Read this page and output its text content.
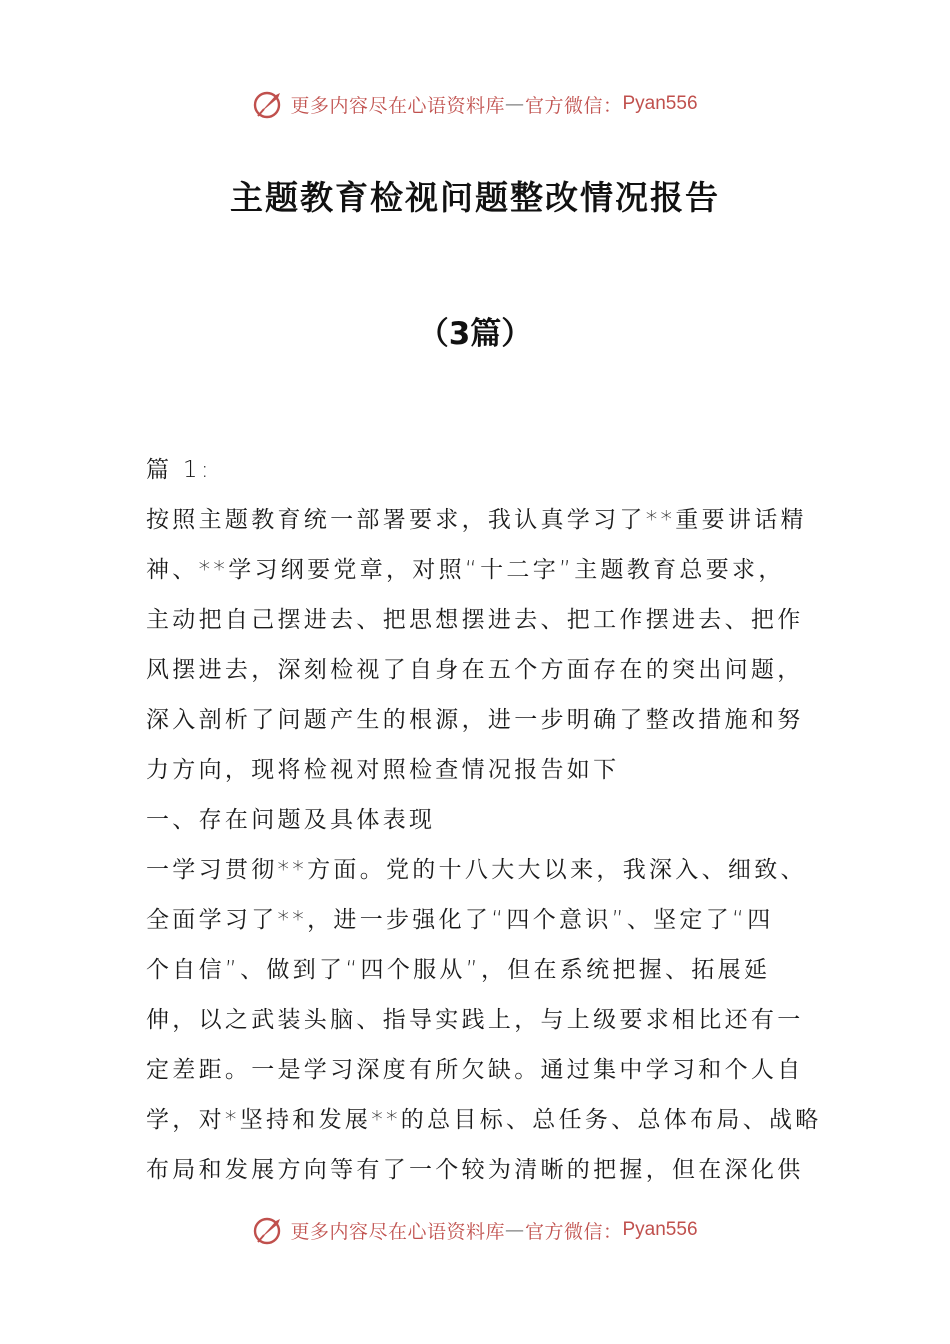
更多内容尽在心语资料库 — 官方微信： Pyan556
主题教育检视问题整改情况报告
（3篇）

篇 1:

按照主题教育统一部署要求，我认真学习了**重要讲话精

神、**学习纲要党章，对照“十二字”主题教育总要求，

主动把自己摆进去、把思想摆进去、把工作摆进去、把作

风摆进去，深刻检视了自身在五个方面存在的突出问题，

深入剖析了问题产生的根源，进一步明确了整改措施和努

力方向，现将检视对照检查情况报告如下

一、存在问题及具体表现

一学习贯彻**方面。党的十八大大以来，我深入、细致、

全面学习了**，进一步强化了“四个意识”、坚定了“四

个自信”、做到了“四个服从”，但在系统把握、拓展延

伸，以之武装头脑、指导实践上，与上级要求相比还有一

定差距。一是学习深度有所欠缺。通过集中学习和个人自

学，对*坚持和发展**的总目标、总任务、总体布局、战略

布局和发展方向等有了一个较为清晰的把握，但在深化供

更多内容尽在心语资料库 — 官方微信： Pyan556
